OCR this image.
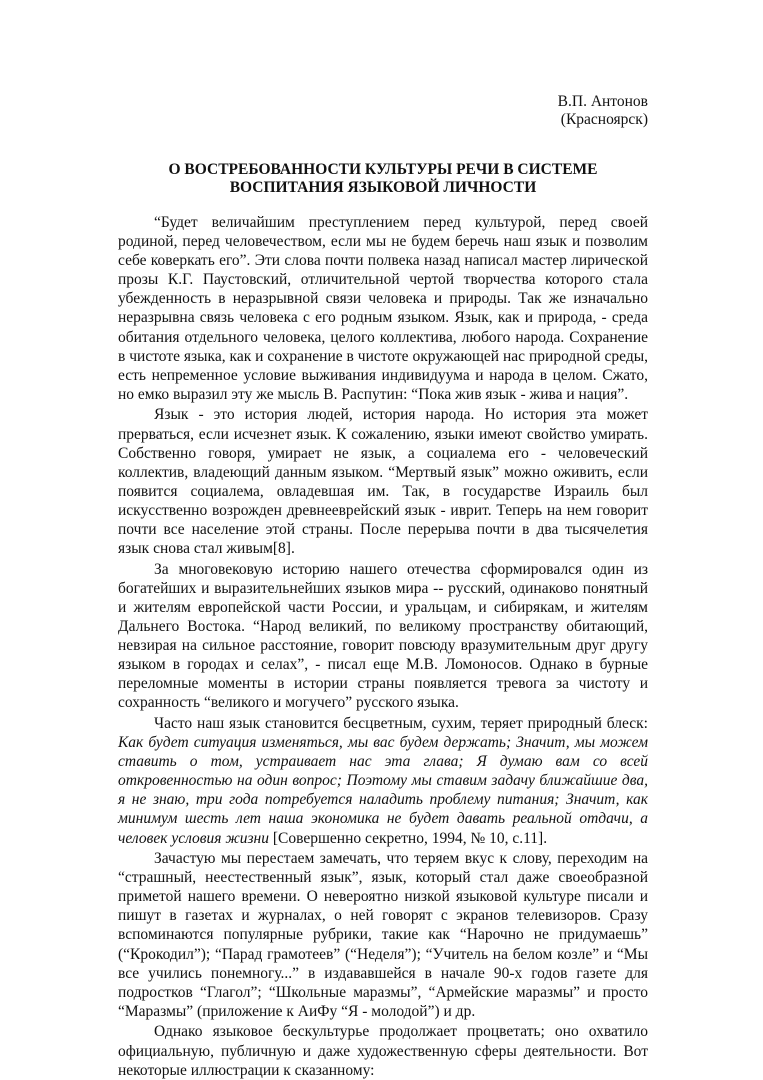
В.П. Антонов
(Красноярск)
О ВОСТРЕБОВАННОСТИ КУЛЬТУРЫ РЕЧИ В СИСТЕМЕ
ВОСПИТАНИЯ ЯЗЫКОВОЙ ЛИЧНОСТИ

“Будет величайшим преступлением перед культурой, перед своей родиной, перед человечеством, если мы не будем беречь наш язык и позволим себе коверкать его”. Эти слова почти полвека назад написал мастер лирической прозы К.Г. Паустовский, отличительной чертой творчества которого стала убежденность в неразрывной связи человека и природы. Так же изначально неразрывна связь человека с его родным языком. Язык, как и природа, - среда обитания отдельного человека, целого коллектива, любого народа. Сохранение в чистоте языка, как и сохранение в чистоте окружающей нас природной среды, есть непременное условие выживания индивидуума и народа в целом. Сжато, но емко выразил эту же мысль В. Распутин: “Пока жив язык - жива и нация”.

Язык - это история людей, история народа. Но история эта может прерваться, если исчезнет язык. К сожалению, языки имеют свойство умирать. Собственно говоря, умирает не язык, а социалема его - человеческий коллектив, владеющий данным языком. “Мертвый язык” можно оживить, если появится социалема, овладевшая им. Так, в государстве Израиль был искусственно возрожден древнееврейский язык - иврит. Теперь на нем говорит почти все население этой страны. После перерыва почти в два тысячелетия язык снова стал живым[8].

За многовековую историю нашего отечества сформировался один из богатейших и выразительнейших языков мира -- русский, одинаково понятный и жителям европейской части России, и уральцам, и сибирякам, и жителям Дальнего Востока. “Народ великий, по великому пространству обитающий, невзирая на сильное расстояние, говорит повсюду вразумительным друг другу языком в городах и селах”, - писал еще М.В. Ломоносов. Однако в бурные переломные моменты в истории страны появляется тревога за чистоту и сохранность “великого и могучего” русского языка.

Часто наш язык становится бесцветным, сухим, теряет природный блеск: Как будет ситуация изменяться, мы вас будем держать; Значит, мы можем ставить о том, устраивает нас эта глава; Я думаю вам со всей откровенностью на один вопрос; Поэтому мы ставим задачу ближайшие два, я не знаю, три года потребуется наладить проблему питания; Значит, как минимум шесть лет наша экономика не будет давать реальной отдачи, а человек условия жизни [Совершенно секретно, 1994, № 10, с.11].

Зачастую мы перестаем замечать, что теряем вкус к слову, переходим на “страшный, неестественный язык”, язык, который стал даже своеобразной приметой нашего времени. О невероятно низкой языковой культуре писали и пишут в газетах и журналах, о ней говорят с экранов телевизоров. Сразу вспоминаются популярные рубрики, такие как “Нарочно не придумаешь” (“Крокодил”); “Парад грамотеев” (“Неделя”); “Учитель на белом козле” и “Мы все учились понемногу...” в издававшейся в начале 90-х годов газете для подростков “Глагол”; “Школьные маразмы”, “Армейские маразмы” и просто “Маразмы” (приложение к АиФу “Я - молодой”) и др.

Однако языковое бескультурье продолжает процветать; оно охватило официальную, публичную и даже художественную сферы деятельности. Вот некоторые иллюстрации к сказанному:
